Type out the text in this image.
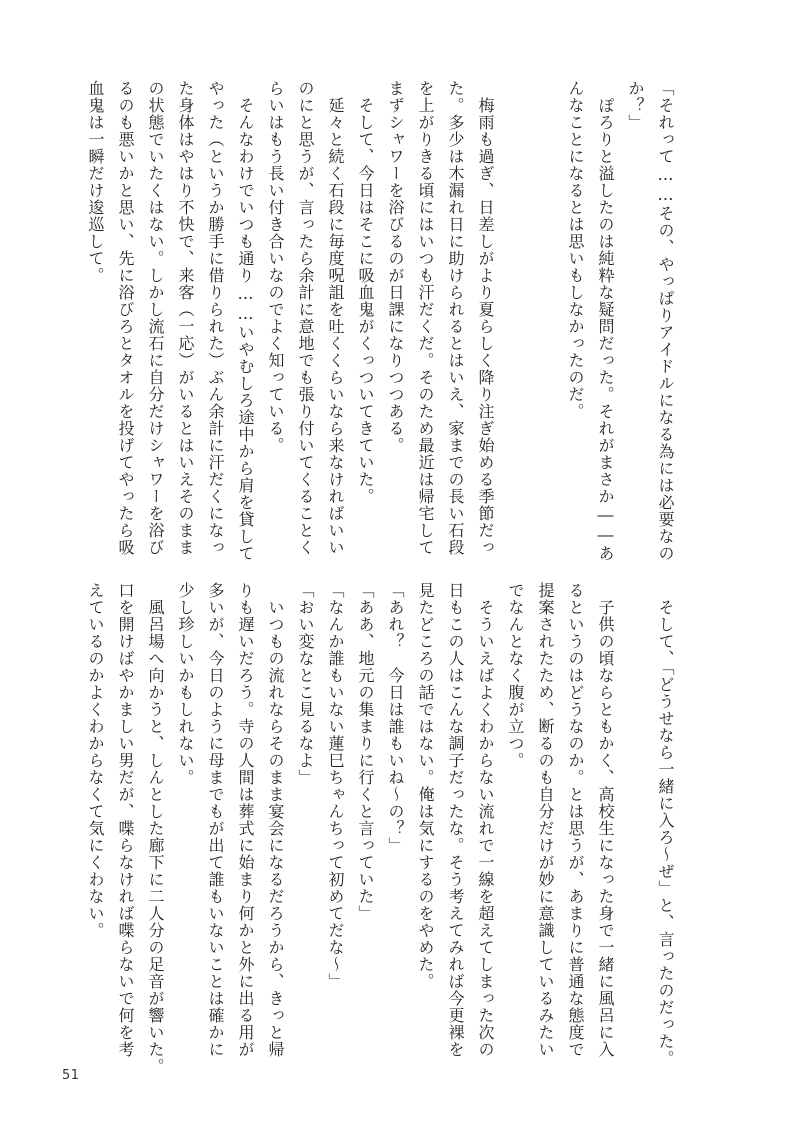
「それって……その、やっぱりアイドルになる為には必要なの
か？」
　ぽろりと溢したのは純粋な疑問だった。それがまさか――あ
んなことになるとは思いもしなかったのだ。

　梅雨も過ぎ、日差しがより夏らしく降り注ぎ始める季節だっ
た。多少は木漏れ日に助けられるとはいえ、家までの長い石段
を上がりきる頃にはいつも汗だくだ。そのため最近は帰宅して
まずシャワーを浴びるのが日課になりつつある。
　そして、今日はそこに吸血鬼がくっついてきていた。
　延々と続く石段に毎度呪詛を吐くくらいなら来なければいい
のにと思うが、言ったら余計に意地でも張り付いてくることく
らいはもう長い付き合いなのでよく知っている。
　そんなわけでいつも通り……いやむしろ途中から肩を貸して
やった（というか勝手に借りられた）ぶん余計に汗だくになっ
た身体はやはり不快で、来客（一応）がいるとはいえそのまま
の状態でいたくはない。しかし流石に自分だけシャワーを浴び
るのも悪いかと思い、先に浴びろとタオルを投げてやったら吸
血鬼は一瞬だけ逡巡して。
　そして、「どうせなら一緒に入ろ～ぜ」と、言ったのだった。

　子供の頃ならともかく、高校生になった身で一緒に風呂に入
るというのはどうなのか。とは思うが、あまりに普通な態度で
提案されたため、断るのも自分だけが妙に意識しているみたい
でなんとなく腹が立つ。
　そういえばよくわからない流れで一線を超えてしまった次の
日もこの人はこんな調子だったな。そう考えてみれば今更裸を
見たどころの話ではない。俺は気にするのをやめた。
「あれ？　今日は誰もいね～の？」
「ああ、地元の集まりに行くと言っていた」
「なんか誰もいない蓮巳ちゃんちって初めてだな～」
「おい変なとこ見るなよ」
　いつもの流れならそのまま宴会になるだろうから、きっと帰
りも遅いだろう。寺の人間は葬式に始まり何かと外に出る用が
多いが、今日のように母までもが出て誰もいないことは確かに
少し珍しいかもしれない。
　風呂場へ向かうと、しんとした廊下に二人分の足音が響いた。
口を開けばやかましい男だが、喋らなければ喋らないで何を考
えているのかよくわからなくて気にくわない。
51
